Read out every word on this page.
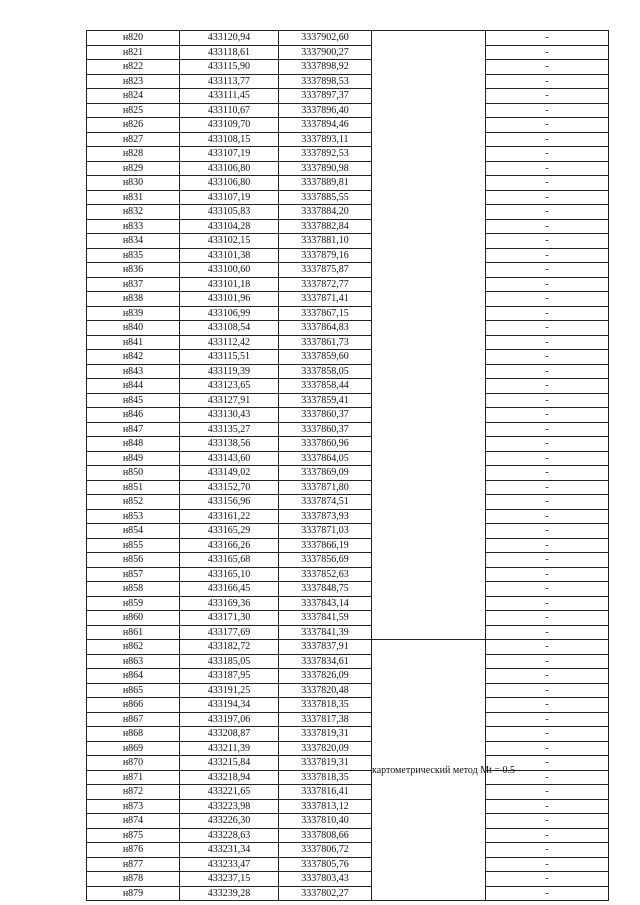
н820	433120,94	3337902,60		-
н821	433118,61	3337900,27		-
н822	433115,90	3337898,92		-
н823	433113,77	3337898,53		-
н824	433111,45	3337897,37		-
н825	433110,67	3337896,40		-
н826	433109,70	3337894,46		-
н827	433108,15	3337893,11		-
н828	433107,19	3337892,53		-
н829	433106,80	3337890,98		-
н830	433106,80	3337889,81		-
н831	433107,19	3337885,55		-
н832	433105,83	3337884,20		-
н833	433104,28	3337882,84		-
н834	433102,15	3337881,10		-
н835	433101,38	3337879,16		-
н836	433100,60	3337875,87		-
н837	433101,18	3337872,77		-
н838	433101,96	3337871,41		-
н839	433106,99	3337867,15		-
н840	433108,54	3337864,83		-
н841	433112,42	3337861,73		-
н842	433115,51	3337859,60		-
н843	433119,39	3337858,05		-
н844	433123,65	3337858,44		-
н845	433127,91	3337859,41		-
н846	433130,43	3337860,37		-
н847	433135,27	3337860,37		-
н848	433138,56	3337860,96		-
н849	433143,60	3337864,05		-
н850	433149,02	3337869,09		-
н851	433152,70	3337871,80		-
н852	433156,96	3337874,51		-
н853	433161,22	3337873,93		-
н854	433165,29	3337871,03		-
н855	433166,26	3337866,19		-
н856	433165,68	3337856,69		-
н857	433165,10	3337852,63		-
н858	433166,45	3337848,75		-
н859	433169,36	3337843,14		-
н860	433171,30	3337841,59		-
н861	433177,69	3337841,39		-
н862	433182,72	3337837,91	картометрический метод Mt = 0.5	-
н863	433185,05	3337834,61		-
н864	433187,95	3337826,09		-
н865	433191,25	3337820,48		-
н866	433194,34	3337818,35		-
н867	433197,06	3337817,38		-
н868	433208,87	3337819,31		-
н869	433211,39	3337820,09		-
н870	433215,84	3337819,31		-
н871	433218,94	3337818,35		-
н872	433221,65	3337816,41		-
н873	433223,98	3337813,12		-
н874	433226,30	3337810,40		-
н875	433228,63	3337808,66		-
н876	433231,34	3337806,72		-
н877	433233,47	3337805,76		-
н878	433237,15	3337803,43		-
н879	433239,28	3337802,27		-
